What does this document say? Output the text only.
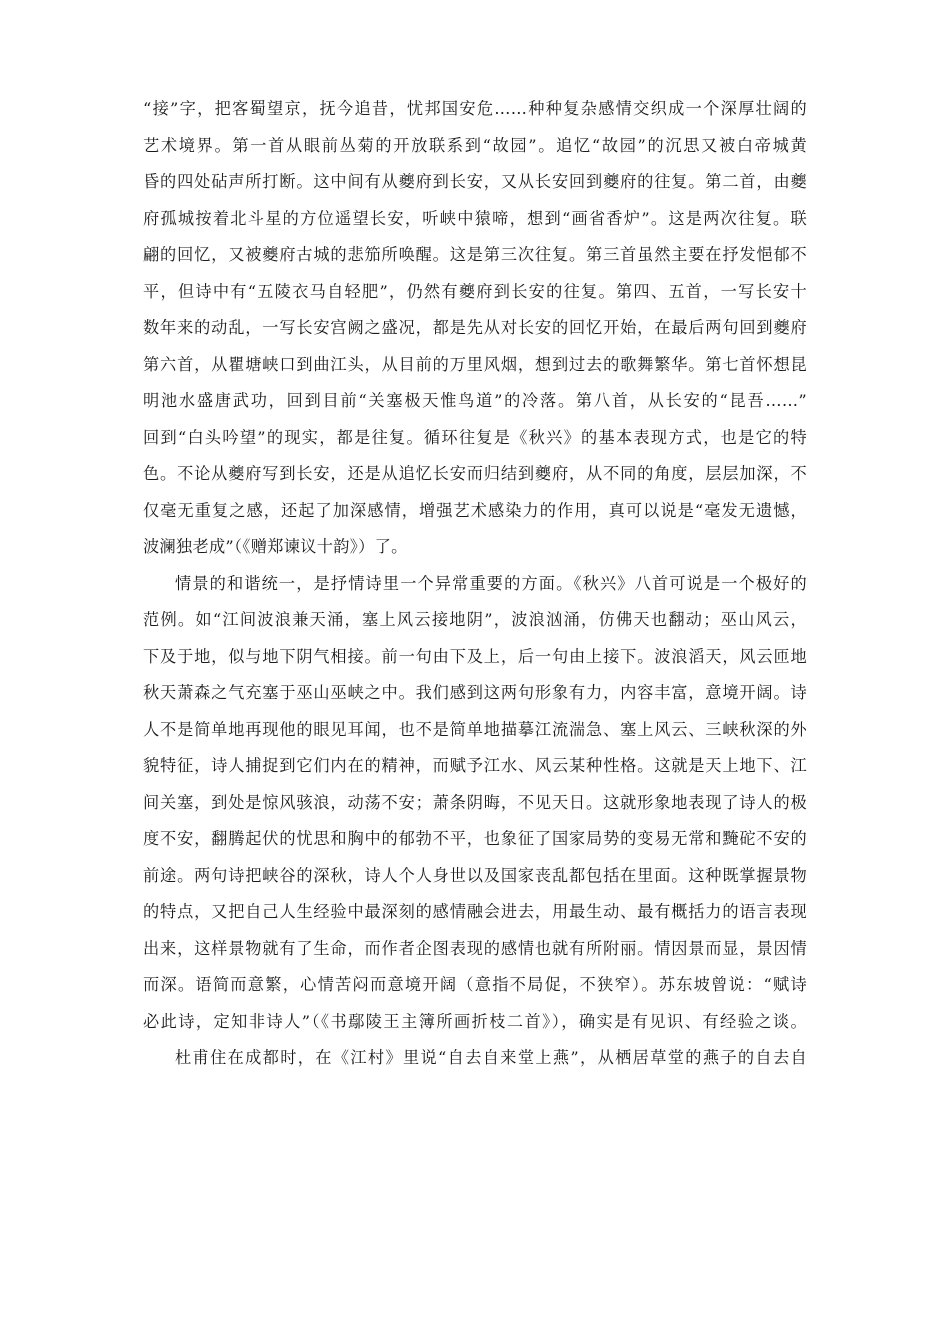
“接”字，把客蜀望京，抚今追昔，忧邦国安危……种种复杂感情交织成一个深厚壮阔的
艺术境界。第一首从眼前丛菊的开放联系到“故园”。追忆“故园”的沉思又被白帝城黄
昏的四处砧声所打断。这中间有从夔府到长安，又从长安回到夔府的往复。第二首，由夔
府孤城按着北斗星的方位遥望长安，听峡中猿啼，想到“画省香炉”。这是两次往复。联
翩的回忆，又被夔府古城的悲笳所唤醒。这是第三次往复。第三首虽然主要在抒发悒郁不
平，但诗中有“五陵衣马自轻肥”，仍然有夔府到长安的往复。第四、五首，一写长安十
数年来的动乱，一写长安宫阙之盛况，都是先从对长安的回忆开始，在最后两句回到夔府
第六首，从瞿塘峡口到曲江头，从目前的万里风烟，想到过去的歌舞繁华。第七首怀想昆
明池水盛唐武功，回到目前“关塞极天惟鸟道”的冷落。第八首，从长安的“昆吾……”
回到“白头吟望”的现实，都是往复。循环往复是《秋兴》的基本表现方式，也是它的特
色。不论从夔府写到长安，还是从追忆长安而归结到夔府，从不同的角度，层层加深，不
仅毫无重复之感，还起了加深感情，增强艺术感染力的作用，真可以说是“毫发无遗憾，
波澜独老成”（《赠郑谏议十韵》）了。
情景的和谐统一，是抒情诗里一个异常重要的方面。《秋兴》八首可说是一个极好的
范例。如“江间波浪兼天涌，塞上风云接地阴”，波浪汹涌，仿佛天也翻动；巫山风云，
下及于地，似与地下阴气相接。前一句由下及上，后一句由上接下。波浪滔天，风云匝地
秋天萧森之气充塞于巫山巫峡之中。我们感到这两句形象有力，内容丰富，意境开阔。诗
人不是简单地再现他的眼见耳闻，也不是简单地描摹江流湍急、塞上风云、三峡秋深的外
貌特征，诗人捕捉到它们内在的精神，而赋予江水、风云某种性格。这就是天上地下、江
间关塞，到处是惊风骇浪，动荡不安；萧条阴晦，不见天日。这就形象地表现了诗人的极
度不安，翻腾起伏的忧思和胸中的郁勃不平，也象征了国家局势的变易无常和黤砣不安的
前途。两句诗把峡谷的深秋，诗人个人身世以及国家丧乱都包括在里面。这种既掌握景物
的特点，又把自己人生经验中最深刻的感情融会进去，用最生动、最有概括力的语言表现
出来，这样景物就有了生命，而作者企图表现的感情也就有所附丽。情因景而显，景因情
而深。语简而意繁，心情苦闷而意境开阔（意指不局促，不狭窄）。苏东坡曾说：“赋诗
必此诗，定知非诗人”（《书鄢陵王主簿所画折枝二首》），确实是有见识、有经验之谈。
杜甫住在成都时，在《江村》里说“自去自来堂上燕”，从栖居草堂的燕子的自去自
